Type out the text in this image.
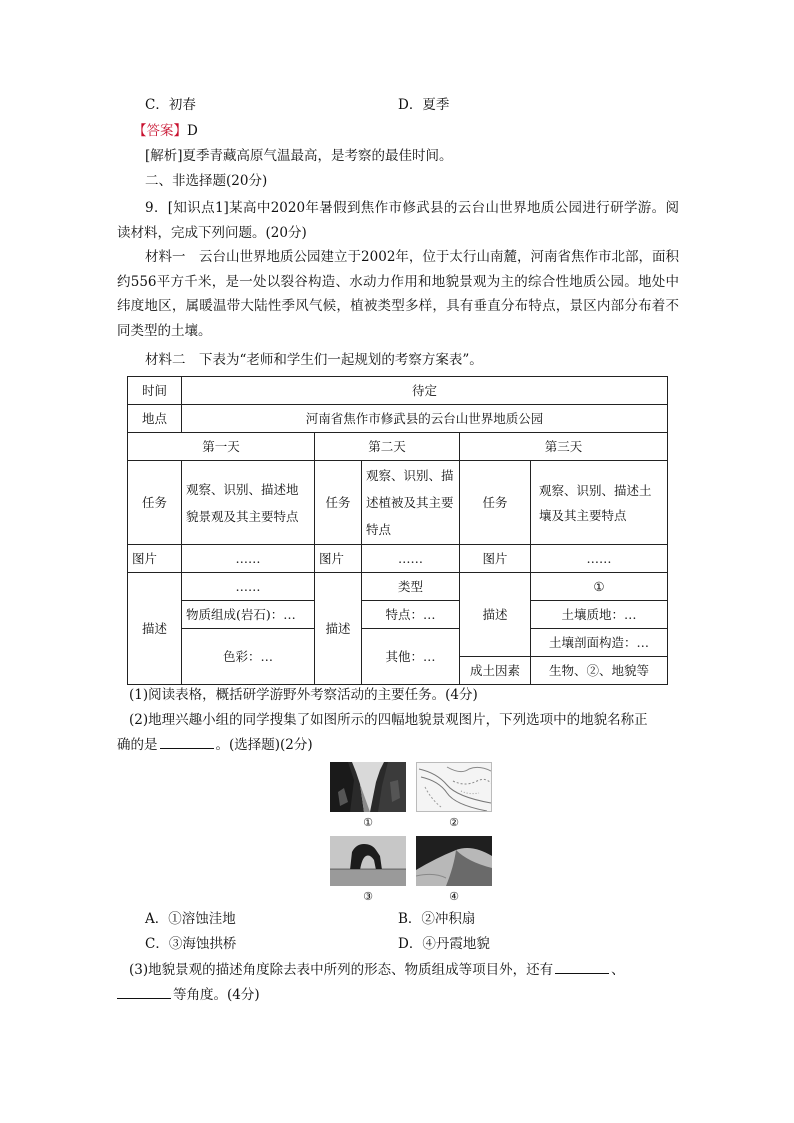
C．初春	D．夏季
【答案】D
[解析]夏季青藏高原气温最高，是考察的最佳时间。
二、非选择题(20分)
9．[知识点1]某高中2020年暑假到焦作市修武县的云台山世界地质公园进行研学游。阅读材料，完成下列问题。(20分)
材料一　云台山世界地质公园建立于2002年，位于太行山南麓，河南省焦作市北部，面积约556平方千米，是一处以裂谷构造、水动力作用和地貌景观为主的综合性地质公园。地处中纬度地区，属暖温带大陆性季风气候，植被类型多样，具有垂直分布特点，景区内部分布着不同类型的土壤。
材料二　下表为“老师和学生们一起规划的考察方案表”。
时间	待定				
地点	河南省焦作市修武县的云台山世界地质公园				
第一天		第二天		第三天	
任务	观察、识别、描述地貌景观及其主要特点	任务	观察、识别、描述植被及其主要特点	任务	观察、识别、描述土壤及其主要特点
图片	……	图片	……	图片	……
描述	……	描述	类型	描述	①
	物质组成(岩石)：…		特点：…		土壤质地：…
	色彩：…		其他：…		土壤剖面构造：…
				成土因素	生物、②、地貌等
(1)阅读表格，概括研学游野外考察活动的主要任务。(4分)
(2)地理兴趣小组的同学搜集了如图所示的四幅地貌景观图片，下列选项中的地貌名称正
确的是	。(选择题)(2分)
①	②
③	④
A．①溶蚀洼地	B．②冲积扇
C．③海蚀拱桥	D．④丹霞地貌
(3)地貌景观的描述角度除去表中所列的形态、物质组成等项目外，还有	、
等角度。(4分)
